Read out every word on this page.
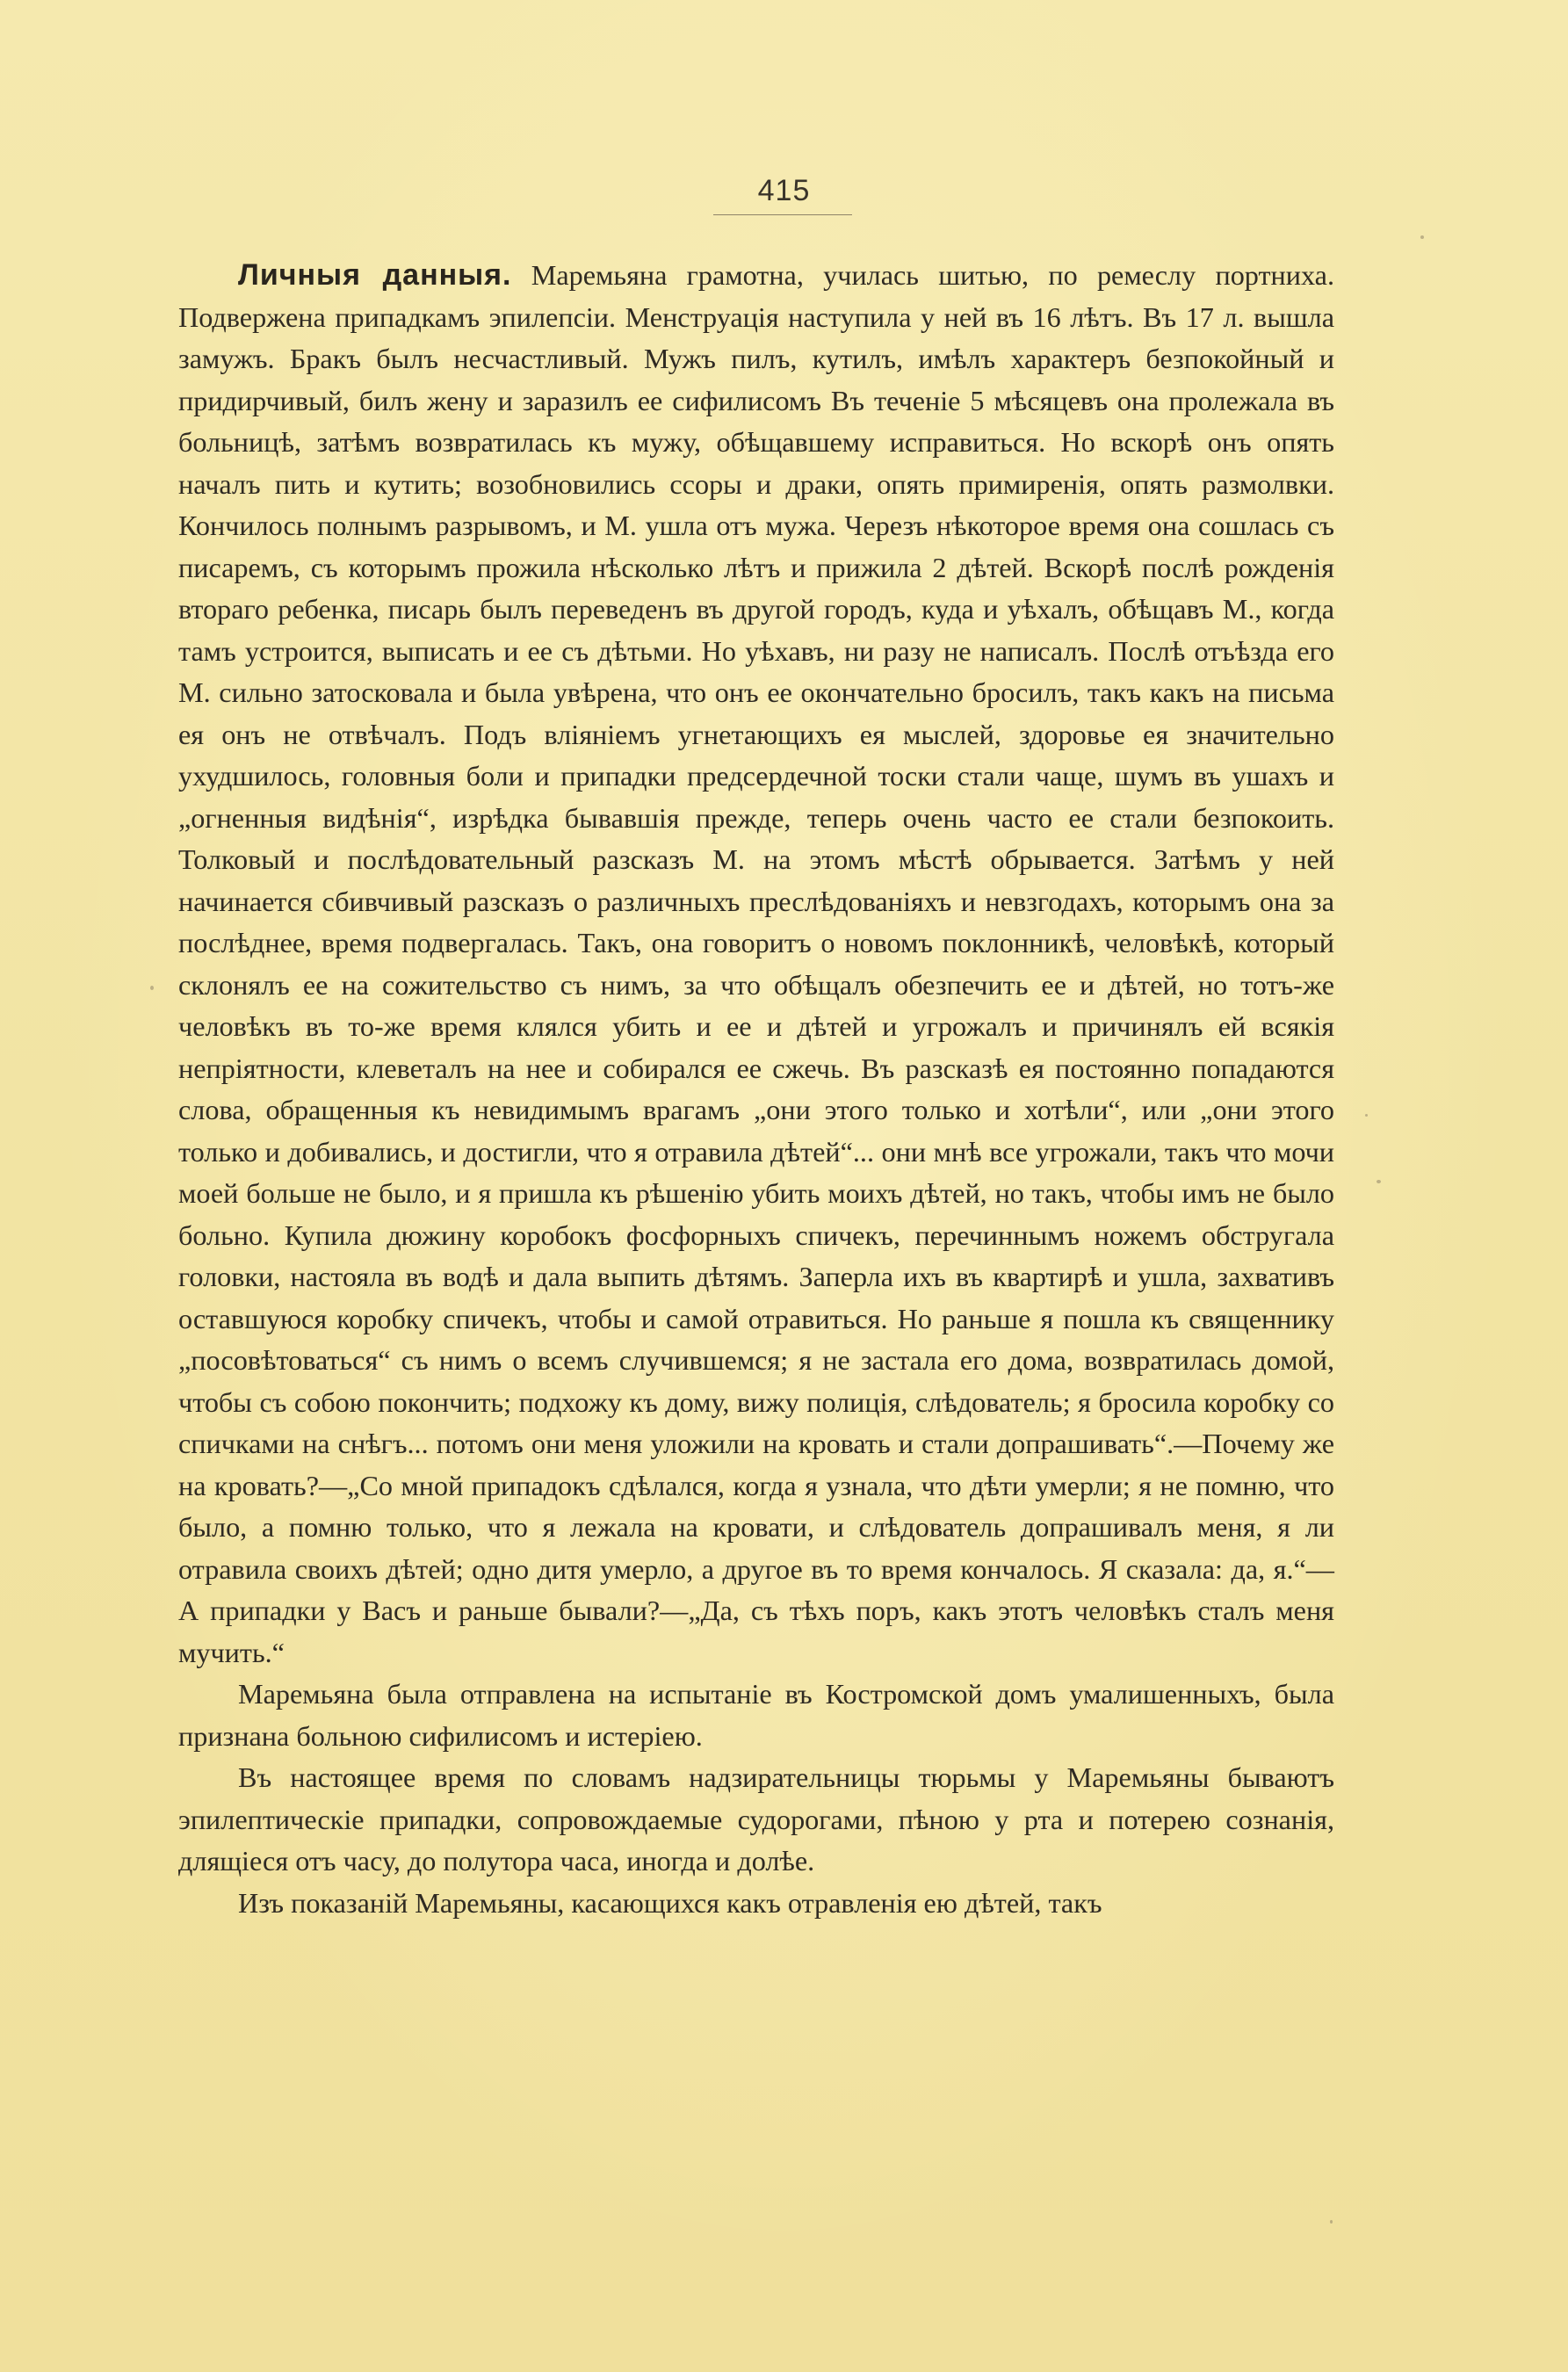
415

Личныя данныя. Маремьяна грамотна, училась шитью, по ремеслу портниха. Подвержена припадкамъ эпилепсіи. Менструація наступила у ней въ 16 лѣтъ. Въ 17 л. вышла замужъ. Бракъ былъ несчастливый. Мужъ пилъ, кутилъ, имѣлъ характеръ безпокойный и придирчивый, билъ жену и заразилъ ее сифилисомъ Въ теченіе 5 мѣсяцевъ она пролежала въ больницѣ, затѣмъ возвратилась къ мужу, обѣщавшему исправиться. Но вскорѣ онъ опять началъ пить и кутить; возобновились ссоры и драки, опять примиренія, опять размолвки. Кончилось полнымъ разрывомъ, и М. ушла отъ мужа. Черезъ нѣкоторое время она сошлась съ писаремъ, съ которымъ прожила нѣсколько лѣтъ и прижила 2 дѣтей. Вскорѣ послѣ рожденія втораго ребенка, писарь былъ переведенъ въ другой городъ, куда и уѣхалъ, обѣщавъ М., когда тамъ устроится, выписать и ее съ дѣтьми. Но уѣхавъ, ни разу не написалъ. Послѣ отъѣзда его М. сильно затосковала и была увѣрена, что онъ ее окончательно бросилъ, такъ какъ на письма ея онъ не отвѣчалъ. Подъ вліяніемъ угнетающихъ ея мыслей, здоровье ея значительно ухудшилось, головныя боли и припадки предсердечной тоски стали чаще, шумъ въ ушахъ и „огненныя видѣнія“, изрѣдка бывавшія прежде, теперь очень часто ее стали безпокоить. Толковый и послѣдовательный разсказъ М. на этомъ мѣстѣ обрывается. Затѣмъ у ней начинается сбивчивый разсказъ о различныхъ преслѣдованіяхъ и невзгодахъ, которымъ она за послѣднее, время подвергалась. Такъ, она говоритъ о новомъ поклонникѣ, человѣкѣ, который склонялъ ее на сожительство съ нимъ, за что обѣщалъ обезпечить ее и дѣтей, но тотъ-же человѣкъ въ то-же время клялся убить и ее и дѣтей и угрожалъ и причинялъ ей всякія непріятности, клеветалъ на нее и собирался ее сжечь. Въ разсказѣ ея постоянно попадаются слова, обращенныя къ невидимымъ врагамъ „они этого только и хотѣли“, или „они этого только и добивались, и достигли, что я отравила дѣтей“... они мнѣ все угрожали, такъ что мочи моей больше не было, и я пришла къ рѣшенію убить моихъ дѣтей, но такъ, чтобы имъ не было больно. Купила дюжину коробокъ фосфорныхъ спичекъ, перечиннымъ ножемъ обстругала головки, настояла въ водѣ и дала выпить дѣтямъ. Заперла ихъ въ квартирѣ и ушла, захвативъ оставшуюся коробку спичекъ, чтобы и самой отравиться. Но раньше я пошла къ священнику „посовѣтоваться“ съ нимъ о всемъ случившемся; я не застала его дома, возвратилась домой, чтобы съ собою покончить; подхожу къ дому, вижу полиція, слѣдователь; я бросила коробку со спичками на снѣгъ... потомъ они меня уложили на кровать и стали допрашивать“.—Почему же на кровать?—„Со мной припадокъ сдѣлался, когда я узнала, что дѣти умерли; я не помню, что было, а помню только, что я лежала на кровати, и слѣдователь допрашивалъ меня, я ли отравила своихъ дѣтей; одно дитя умерло, а другое въ то время кончалось. Я сказала: да, я.“—А припадки у Васъ и раньше бывали?—„Да, съ тѣхъ поръ, какъ этотъ человѣкъ сталъ меня мучить.“

Маремьяна была отправлена на испытаніе въ Костромской домъ умалишенныхъ, была признана больною сифилисомъ и истеріею.

Въ настоящее время по словамъ надзирательницы тюрьмы у Маремьяны бываютъ эпилептическіе припадки, сопровождаемые судорогами, пѣною у рта и потерею сознанія, длящіеся отъ часу, до полутора часа, иногда и долѣе.

Изъ показаній Маремьяны, касающихся какъ отравленія ею дѣтей, такъ
